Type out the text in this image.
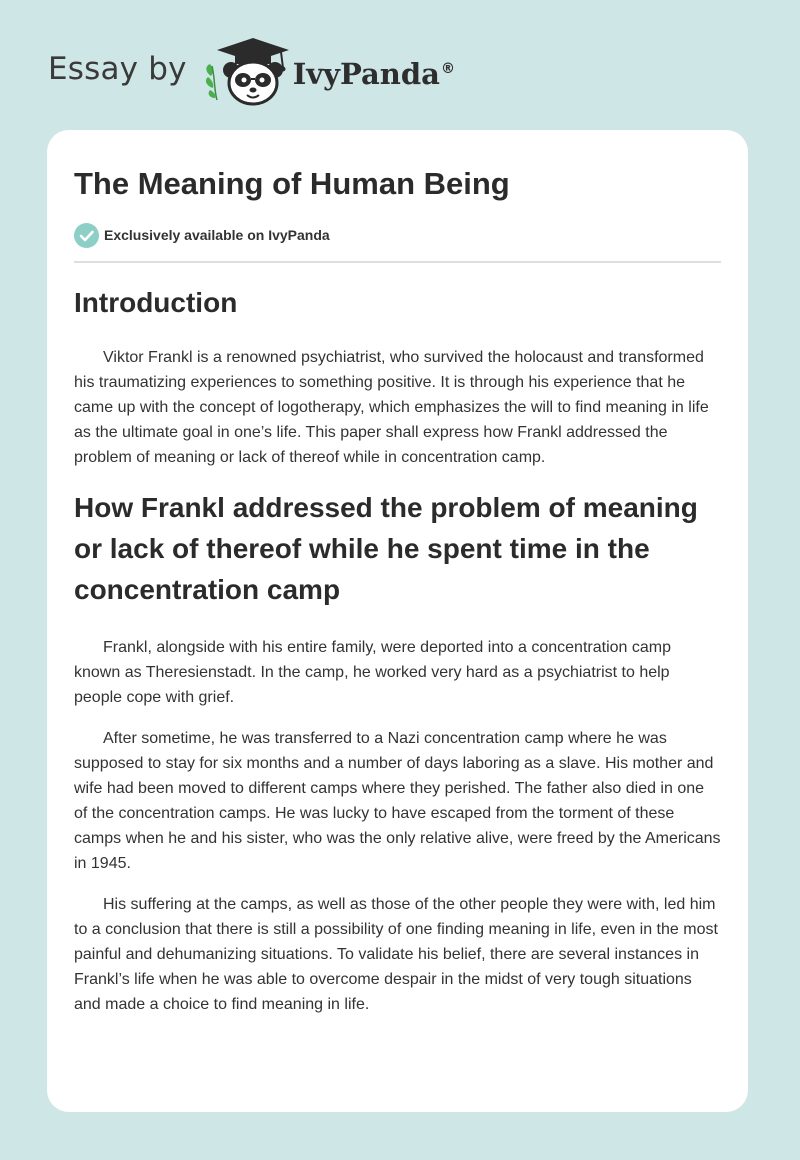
Essay by	IvyPanda®
The Meaning of Human Being
Exclusively available on IvyPanda
Introduction

Viktor Frankl is a renowned psychiatrist, who survived the holocaust and transformed his traumatizing experiences to something positive. It is through his experience that he came up with the concept of logotherapy, which emphasizes the will to find meaning in life as the ultimate goal in one’s life. This paper shall express how Frankl addressed the problem of meaning or lack of thereof while in concentration camp.

How Frankl addressed the problem of meaning or lack of thereof while he spent time in the concentration camp

Frankl, alongside with his entire family, were deported into a concentration camp known as Theresienstadt. In the camp, he worked very hard as a psychiatrist to help people cope with grief.

After sometime, he was transferred to a Nazi concentration camp where he was supposed to stay for six months and a number of days laboring as a slave. His mother and wife had been moved to different camps where they perished. The father also died in one of the concentration camps. He was lucky to have escaped from the torment of these camps when he and his sister, who was the only relative alive, were freed by the Americans in 1945.

His suffering at the camps, as well as those of the other people they were with, led him to a conclusion that there is still a possibility of one finding meaning in life, even in the most painful and dehumanizing situations. To validate his belief, there are several instances in Frankl’s life when he was able to overcome despair in the midst of very tough situations and made a choice to find meaning in life.
